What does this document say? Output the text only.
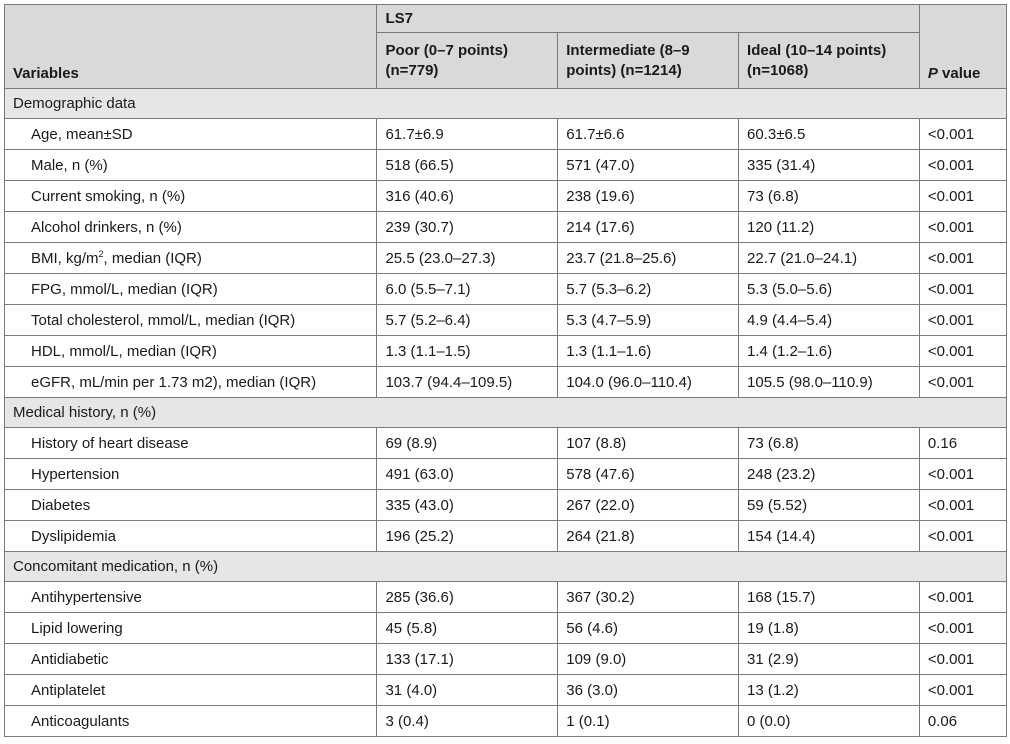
Variables	LS7			P value
	Poor (0–7 points) (n=779)	Intermediate (8–9 points) (n=1214)	Ideal (10–14 points) (n=1068)	
Demographic data				
Age, mean±SD	61.7±6.9	61.7±6.6	60.3±6.5	<0.001
Male, n (%)	518 (66.5)	571 (47.0)	335 (31.4)	<0.001
Current smoking, n (%)	316 (40.6)	238 (19.6)	73 (6.8)	<0.001
Alcohol drinkers, n (%)	239 (30.7)	214 (17.6)	120 (11.2)	<0.001
BMI, $kg/m^2$, median (IQR)	25.5 (23.0–27.3)	23.7 (21.8–25.6)	22.7 (21.0–24.1)	<0.001
FPG, mmol/L, median (IQR)	6.0 (5.5–7.1)	5.7 (5.3–6.2)	5.3 (5.0–5.6)	<0.001
Total cholesterol, mmol/L, median (IQR)	5.7 (5.2–6.4)	5.3 (4.7–5.9)	4.9 (4.4–5.4)	<0.001
HDL, mmol/L, median (IQR)	1.3 (1.1–1.5)	1.3 (1.1–1.6)	1.4 (1.2–1.6)	<0.001
eGFR, mL/min per 1.73 m2), median (IQR)	103.7 (94.4–109.5)	104.0 (96.0–110.4)	105.5 (98.0–110.9)	<0.001
Medical history, n (%)				
History of heart disease	69 (8.9)	107 (8.8)	73 (6.8)	0.16
Hypertension	491 (63.0)	578 (47.6)	248 (23.2)	<0.001
Diabetes	335 (43.0)	267 (22.0)	59 (5.52)	<0.001
Dyslipidemia	196 (25.2)	264 (21.8)	154 (14.4)	<0.001
Concomitant medication, n (%)				
Antihypertensive	285 (36.6)	367 (30.2)	168 (15.7)	<0.001
Lipid lowering	45 (5.8)	56 (4.6)	19 (1.8)	<0.001
Antidiabetic	133 (17.1)	109 (9.0)	31 (2.9)	<0.001
Antiplatelet	31 (4.0)	36 (3.0)	13 (1.2)	<0.001
Anticoagulants	3 (0.4)	1 (0.1)	0 (0.0)	0.06
